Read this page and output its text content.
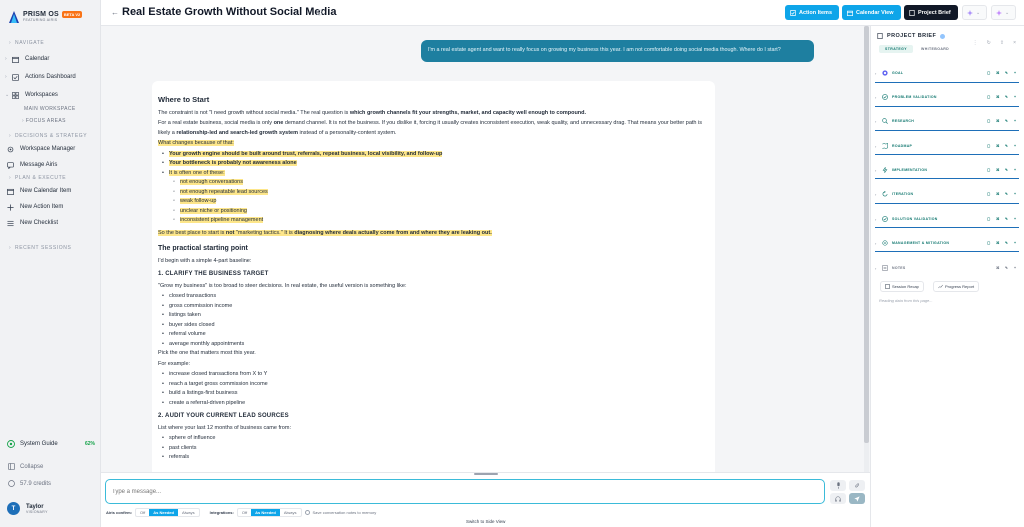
PRISM OS BETA V2
FEATURING AIRIS
› NAVIGATE
›	Calendar
›	Actions Dashboard
⌄	Workspaces
MAIN WORKSPACE
› FOCUS AREAS
› DECISIONS & STRATEGY
Workspace Manager
Message Airis
› PLAN & EXECUTE
New Calendar Item
New Action Item
New Checklist
› RECENT SESSIONS
System Guide	62%
Collapse
57.9 credits
T	Taylor
VISIONARY
← Real Estate Growth Without Social Media	Action Items	Calendar View	Project Brief	⌄	⌄
I'm a real estate agent and want to really focus on growing my business this year. I am not comfortable doing social media though. Where do I start?
Where to Start

The constraint is not "I need growth without social media." The real question is which growth channels fit your strengths, market, and capacity well enough to compound.

For a real estate business, social media is only one demand channel. It is not the business. If you dislike it, forcing it usually creates inconsistent execution, weak quality, and unnecessary drag. That means your better path is likely a relationship-led and search-led growth system instead of a personality-content system.

What changes because of that:

• Your growth engine should be built around trust, referrals, repeat business, local visibility, and follow-up
• Your bottleneck is probably not awareness alone
• It is often one of these:
◦ not enough conversations
◦ not enough repeatable lead sources
◦ weak follow-up
◦ unclear niche or positioning
◦ inconsistent pipeline management

So the best place to start is not "marketing tactics." It is diagnosing where deals actually come from and where they are leaking out.

The practical starting point

I'd begin with a simple 4-part baseline:

1. CLARIFY THE BUSINESS TARGET

"Grow my business" is too broad to steer decisions. In real estate, the useful version is something like:

• closed transactions
• gross commission income
• listings taken
• buyer sides closed
• referral volume
• average monthly appointments

Pick the one that matters most this year.

For example:

• increase closed transactions from X to Y
• reach a target gross commission income
• build a listings-first business
• create a referral-driven pipeline
2. AUDIT YOUR CURRENT LEAD SOURCES

List where your last 12 months of business came from:

• sphere of influence
• past clients
• referrals
Type a message...
Airis confirm:	Off	As Needed	Always	Integrations:	Off	As Needed	Always	Save conversation notes to memory
Switch to Side View
PROJECT BRIEF
⋮ ↻ ⇪ ×
STRATEGY	WHITEBOARD
›	GOAL	▢	⌘	✎	+
›	PROBLEM VALIDATION	▢	⌘	✎	+
›	RESEARCH	▢	⌘	✎	+
›	ROADMAP	▢	⌘	✎	+
›	IMPLEMENTATION	▢	⌘	✎	+
›	ITERATION	▢	⌘	✎	+
›	SOLUTION VALIDATION	▢	⌘	✎	+
›	MANAGEMENT & MITIGATION	▢	⌘	✎	+
›	NOTES	⌘	✎	+
Session Recap	Progress Report
Reading data from this page...
